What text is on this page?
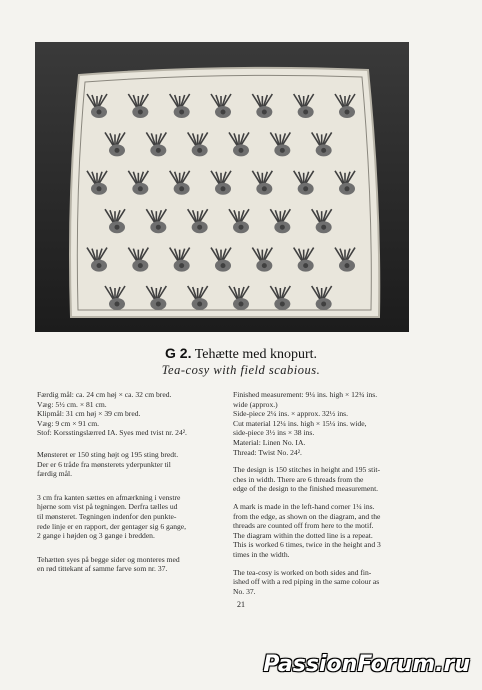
G 2. Tehætte med knopurt.
Tea-cosy with field scabious.

Færdig mål: ca. 24 cm høj × ca. 32 cm bred.

Væg: 5½ cm. × 81 cm.

Klipmål: 31 cm høj × 39 cm bred.

Væg: 9 cm × 91 cm.

Stof: Korsstingslærred IA. Syes med tvist nr. 24².

Mønsteret er 150 sting højt og 195 sting bredt.

Der er 6 tråde fra mønsterets yderpunkter til

færdig mål.

3 cm fra kanten sættes en afmærkning i venstre

hjørne som vist på tegningen. Derfra tælles ud

til mønsteret. Tegningen indenfor den punkte-

rede linje er en rapport, der gentager sig 6 gange,

2 gange i højden og 3 gange i bredden.

Tehætten syes på begge sider og monteres med

en rød tittekant af samme farve som nr. 37.

Finished measurement: 9¼ ins. high × 12¾ ins.

wide (approx.)

Side-piece 2¼ ins. × approx. 32½ ins.

Cut material 12¼ ins. high × 15¼ ins. wide,

side-piece 3½ ins × 38 ins.

Material: Linen No. IA.

Thread: Twist No. 24².

The design is 150 stitches in height and 195 stit-

ches in width. There are 6 threads from the

edge of the design to the finished measurement.

A mark is made in the left-hand corner 1¼ ins.

from the edge, as shown on the diagram, and the

threads are counted off from here to the motif.

The diagram within the dotted line is a repeat.

This is worked 6 times, twice in the height and 3

times in the width.

The tea-cosy is worked on both sides and fin-

ished off with a red piping in the same colour as

No. 37.

21
PassionForum.ru
